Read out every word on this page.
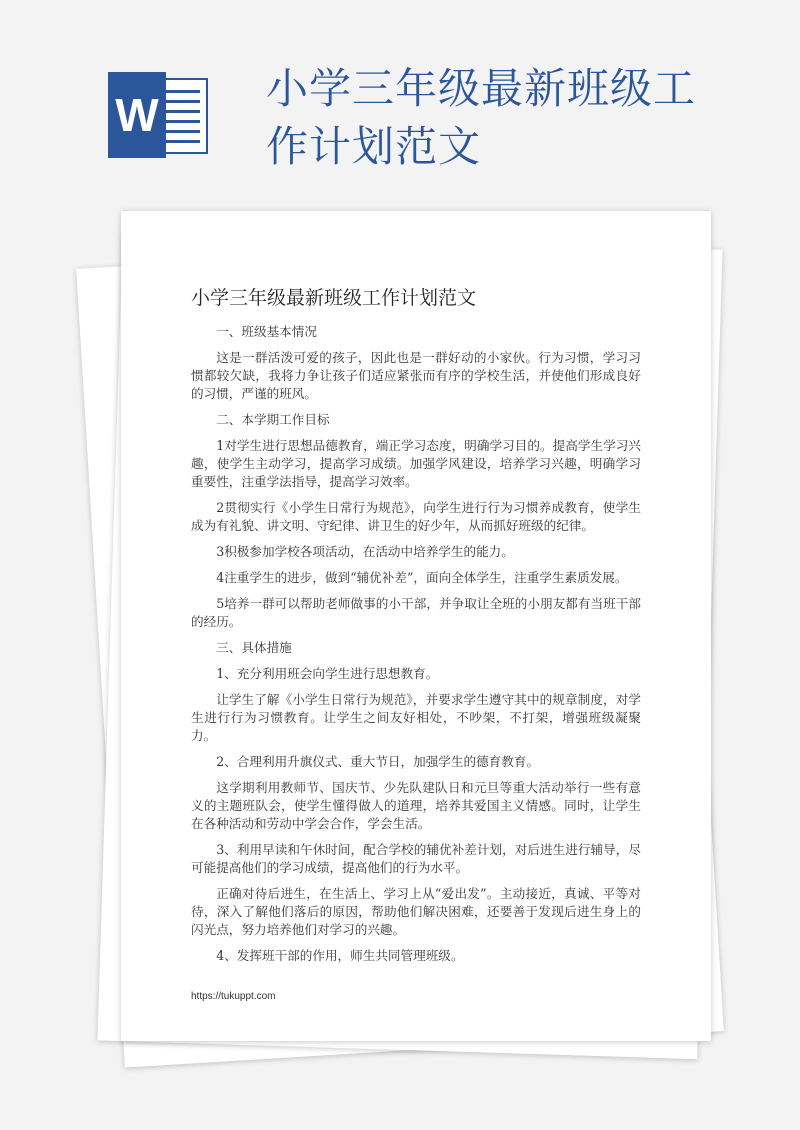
W
小学三年级最新班级工作计划范文
小学三年级最新班级工作计划范文

一、班级基本情况

这是一群活泼可爱的孩子，因此也是一群好动的小家伙。行为习惯，学习习惯都较欠缺，我将力争让孩子们适应紧张而有序的学校生活，并使他们形成良好的习惯，严谨的班风。

二、本学期工作目标

1对学生进行思想品德教育，端正学习态度，明确学习目的。提高学生学习兴趣，使学生主动学习，提高学习成绩。加强学风建设，培养学习兴趣，明确学习重要性，注重学法指导，提高学习效率。

2贯彻实行《小学生日常行为规范》，向学生进行行为习惯养成教育，使学生成为有礼貌、讲文明、守纪律、讲卫生的好少年，从而抓好班级的纪律。

3积极参加学校各项活动，在活动中培养学生的能力。

4注重学生的进步，做到“辅优补差”，面向全体学生，注重学生素质发展。

5培养一群可以帮助老师做事的小干部，并争取让全班的小朋友都有当班干部的经历。

三、具体措施

1、充分利用班会向学生进行思想教育。

让学生了解《小学生日常行为规范》，并要求学生遵守其中的规章制度，对学生进行行为习惯教育。让学生之间友好相处，不吵架，不打架，增强班级凝聚力。

2、合理利用升旗仪式、重大节日，加强学生的德育教育。

这学期利用教师节、国庆节、少先队建队日和元旦等重大活动举行一些有意义的主题班队会，使学生懂得做人的道理，培养其爱国主义情感。同时，让学生在各种活动和劳动中学会合作，学会生活。

3、利用早读和午休时间，配合学校的辅优补差计划，对后进生进行辅导，尽可能提高他们的学习成绩，提高他们的行为水平。

正确对待后进生，在生活上、学习上从“爱出发”。主动接近，真诚、平等对待，深入了解他们落后的原因，帮助他们解决困难，还要善于发现后进生身上的闪光点，努力培养他们对学习的兴趣。

4、发挥班干部的作用，师生共同管理班级。

https://tukuppt.com
